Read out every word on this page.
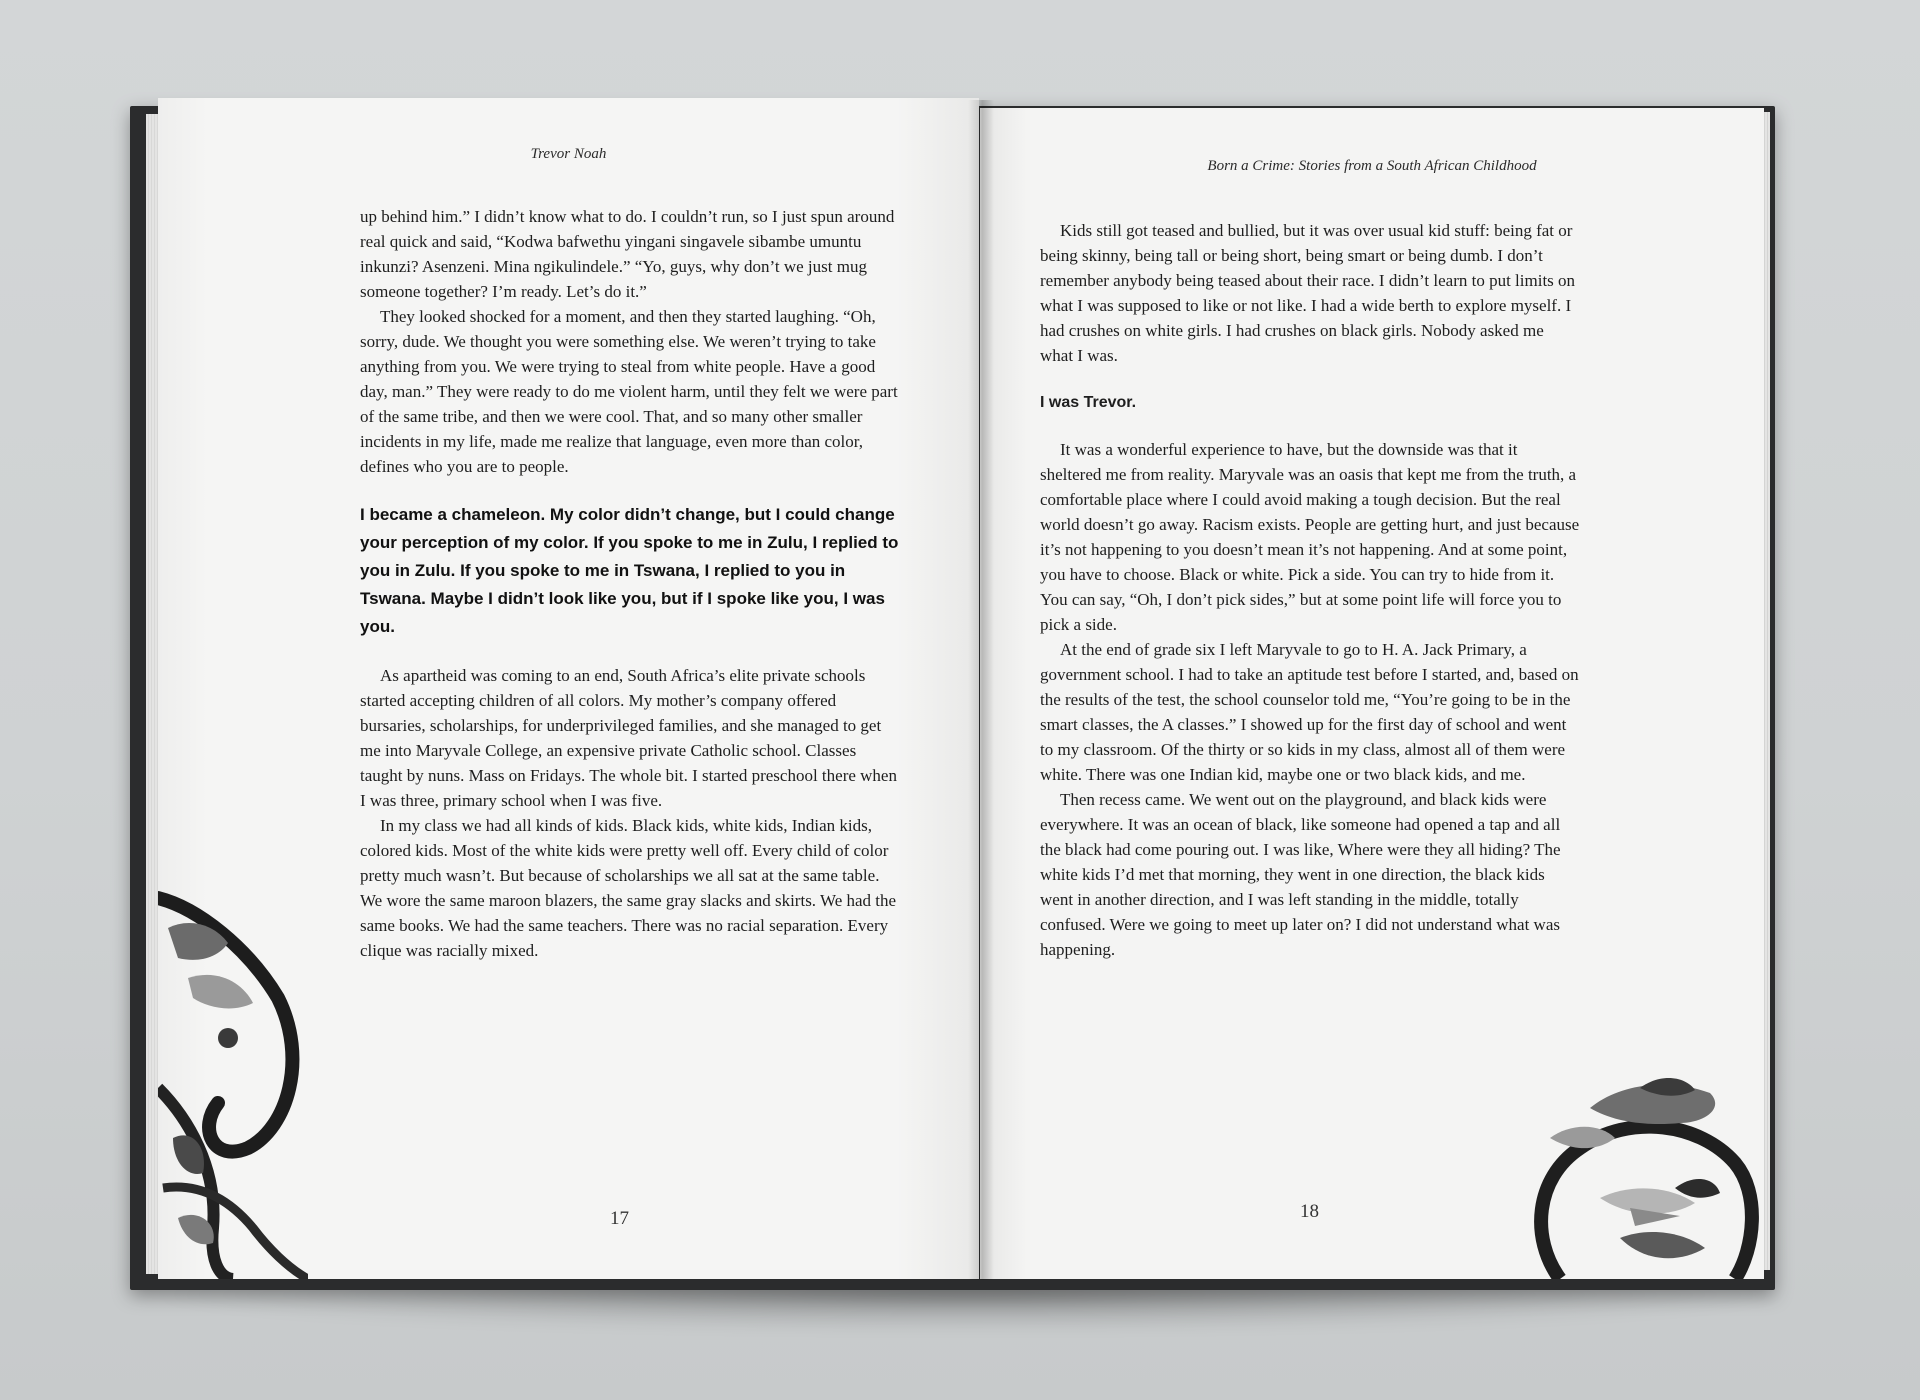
Trevor Noah

up behind him.” I didn’t know what to do. I couldn’t run, so I just spun around real quick and said, “Kodwa bafwethu yingani singavele sibambe umuntu inkunzi? Asenzeni. Mina ngikulindele.” “Yo, guys, why don’t we just mug someone together? I’m ready. Let’s do it.”

They looked shocked for a moment, and then they started laughing. “Oh, sorry, dude. We thought you were something else. We weren’t trying to take anything from you. We were trying to steal from white people. Have a good day, man.” They were ready to do me violent harm, until they felt we were part of the same tribe, and then we were cool. That, and so many other smaller incidents in my life, made me realize that language, even more than color, defines who you are to people.

I became a chameleon. My color didn’t change, but I could change your perception of my color. If you spoke to me in Zulu, I replied to you in Zulu. If you spoke to me in Tswana, I replied to you in Tswana. Maybe I didn’t look like you, but if I spoke like you, I was you.

As apartheid was coming to an end, South Africa’s elite private schools started accepting children of all colors. My mother’s company offered bursaries, scholarships, for underprivileged families, and she managed to get me into Maryvale College, an expensive private Catholic school. Classes taught by nuns. Mass on Fridays. The whole bit. I started preschool there when I was three, primary school when I was five.

In my class we had all kinds of kids. Black kids, white kids, Indian kids, colored kids. Most of the white kids were pretty well off. Every child of color pretty much wasn’t. But because of scholarships we all sat at the same table. We wore the same maroon blazers, the same gray slacks and skirts. We had the same books. We had the same teachers. There was no racial separation. Every clique was racially mixed.

17
Born a Crime: Stories from a South African Childhood

Kids still got teased and bullied, but it was over usual kid stuff: being fat or being skinny, being tall or being short, being smart or being dumb. I don’t remember anybody being teased about their race. I didn’t learn to put limits on what I was supposed to like or not like. I had a wide berth to explore myself. I had crushes on white girls. I had crushes on black girls. Nobody asked me what I was.

I was Trevor.

It was a wonderful experience to have, but the downside was that it sheltered me from reality. Maryvale was an oasis that kept me from the truth, a comfortable place where I could avoid making a tough decision. But the real world doesn’t go away. Racism exists. People are getting hurt, and just because it’s not happening to you doesn’t mean it’s not happening. And at some point, you have to choose. Black or white. Pick a side. You can try to hide from it. You can say, “Oh, I don’t pick sides,” but at some point life will force you to pick a side.

At the end of grade six I left Maryvale to go to H. A. Jack Primary, a government school. I had to take an aptitude test before I started, and, based on the results of the test, the school counselor told me, “You’re going to be in the smart classes, the A classes.” I showed up for the first day of school and went to my classroom. Of the thirty or so kids in my class, almost all of them were white. There was one Indian kid, maybe one or two black kids, and me.

Then recess came. We went out on the playground, and black kids were everywhere. It was an ocean of black, like someone had opened a tap and all the black had come pouring out. I was like, Where were they all hiding? The white kids I’d met that morning, they went in one direction, the black kids went in another direction, and I was left standing in the middle, totally confused. Were we going to meet up later on? I did not understand what was happening.

18
